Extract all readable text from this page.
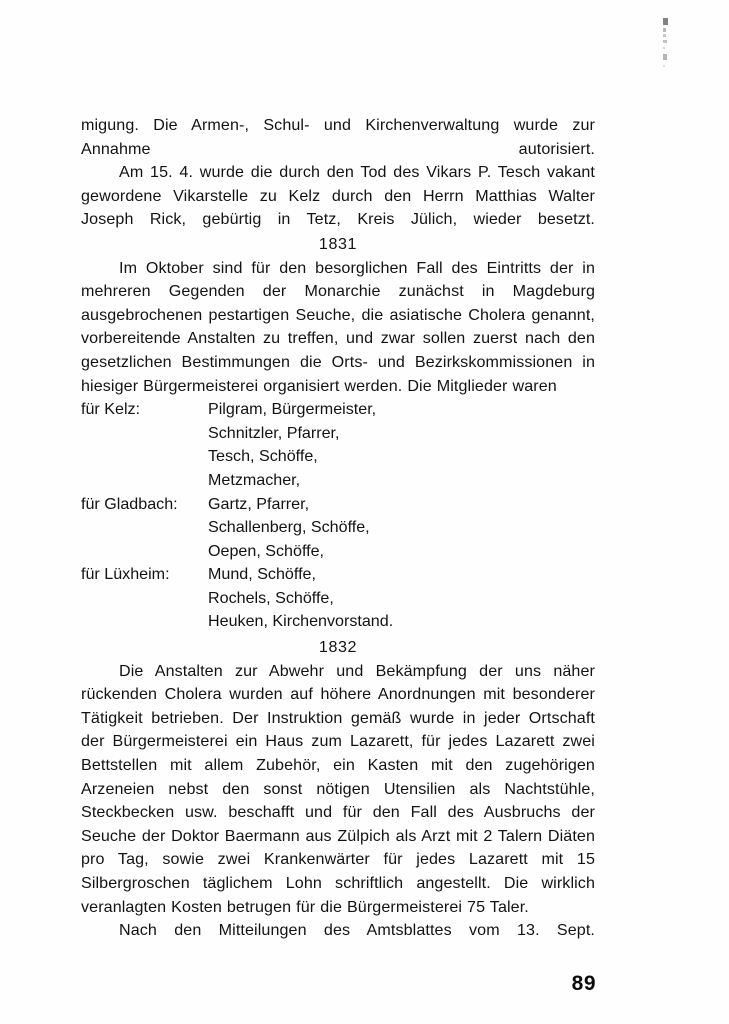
migung. Die Armen-, Schul- und Kirchenverwaltung wurde zur Annahme autorisiert.

Am 15. 4. wurde die durch den Tod des Vikars P. Tesch vakant gewordene Vikarstelle zu Kelz durch den Herrn Matthias Walter Joseph Rick, gebürtig in Tetz, Kreis Jülich, wieder besetzt.

1831

Im Oktober sind für den besorglichen Fall des Eintritts der in mehreren Gegenden der Monarchie zunächst in Magdeburg ausgebrochenen pestartigen Seuche, die asiatische Cholera genannt, vorbereitende Anstalten zu treffen, und zwar sollen zuerst nach den gesetzlichen Bestimmungen die Orts- und Bezirkskommissionen in hiesiger Bürgermeisterei organisiert werden. Die Mitglieder waren

für Kelz:	Pilgram, Bürgermeister,
Schnitzler, Pfarrer,
Tesch, Schöffe,
Metzmacher,
für Gladbach:	Gartz, Pfarrer,
Schallenberg, Schöffe,
Oepen, Schöffe,
für Lüxheim:	Mund, Schöffe,
Rochels, Schöffe,
Heuken, Kirchenvorstand.
1832

Die Anstalten zur Abwehr und Bekämpfung der uns näher rückenden Cholera wurden auf höhere Anordnungen mit besonderer Tätigkeit betrieben. Der Instruktion gemäß wurde in jeder Ortschaft der Bürgermeisterei ein Haus zum Lazarett, für jedes Lazarett zwei Bettstellen mit allem Zubehör, ein Kasten mit den zugehörigen Arzeneien nebst den sonst nötigen Utensilien als Nachtstühle, Steckbecken usw. beschafft und für den Fall des Ausbruchs der Seuche der Doktor Baermann aus Zülpich als Arzt mit 2 Talern Diäten pro Tag, sowie zwei Krankenwärter für jedes Lazarett mit 15 Silbergroschen täglichem Lohn schriftlich angestellt. Die wirklich veranlagten Kosten betrugen für die Bürgermeisterei 75 Taler.

Nach den Mitteilungen des Amtsblattes vom 13. Sept.

89
